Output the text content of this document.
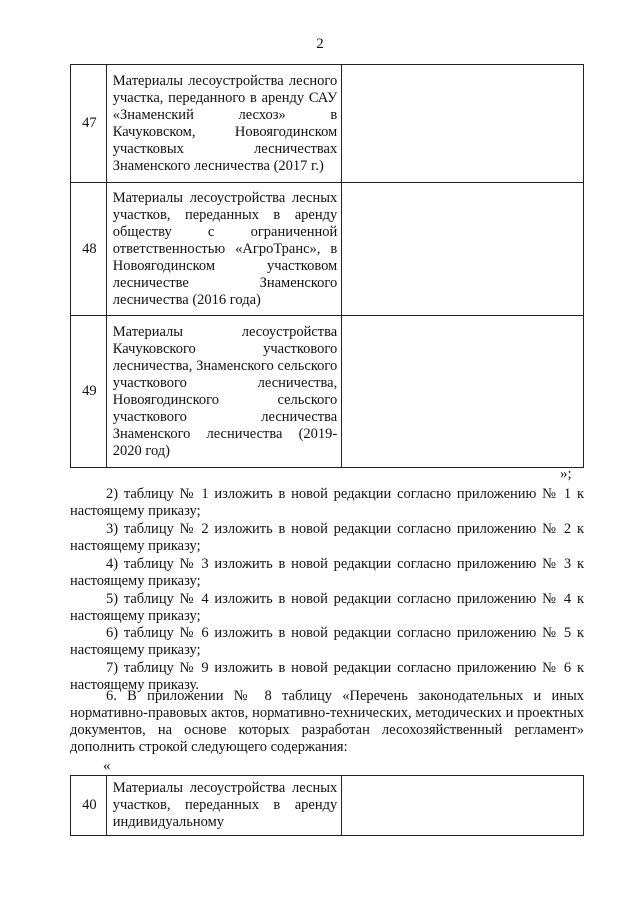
2
47	Материалы лесоустройства лесного участка, переданного в аренду САУ «Знаменский лесхоз» в Качуковском, Новоягодинском участковых лесничествах Знаменского лесничества (2017 г.)	
48	Материалы лесоустройства лесных участков, переданных в аренду обществу с ограниченной ответственностью «АгроТранс», в Новоягодинском участковом лесничестве Знаменского лесничества (2016 года)	
49	Материалы лесоустройства Качуковского участкового лесничества, Знаменского сельского участкового лесничества, Новоягодинского сельского участкового лесничества Знаменского лесничества (2019-2020 год)	
»;
2) таблицу № 1 изложить в новой редакции согласно приложению № 1 к настоящему приказу;
3) таблицу № 2 изложить в новой редакции согласно приложению № 2 к настоящему приказу;
4) таблицу № 3 изложить в новой редакции согласно приложению № 3 к настоящему приказу;
5) таблицу № 4 изложить в новой редакции согласно приложению № 4 к настоящему приказу;
6) таблицу № 6 изложить в новой редакции согласно приложению № 5 к настоящему приказу;
7) таблицу № 9 изложить в новой редакции согласно приложению № 6 к настоящему приказу.
6. В приложении № 8 таблицу «Перечень законодательных и иных нормативно-правовых актов, нормативно-технических, методических и проектных документов, на основе которых разработан лесохозяйственный регламент» дополнить строкой следующего содержания:
«
40	Материалы лесоустройства лесных участков, переданных в аренду индивидуальному	
